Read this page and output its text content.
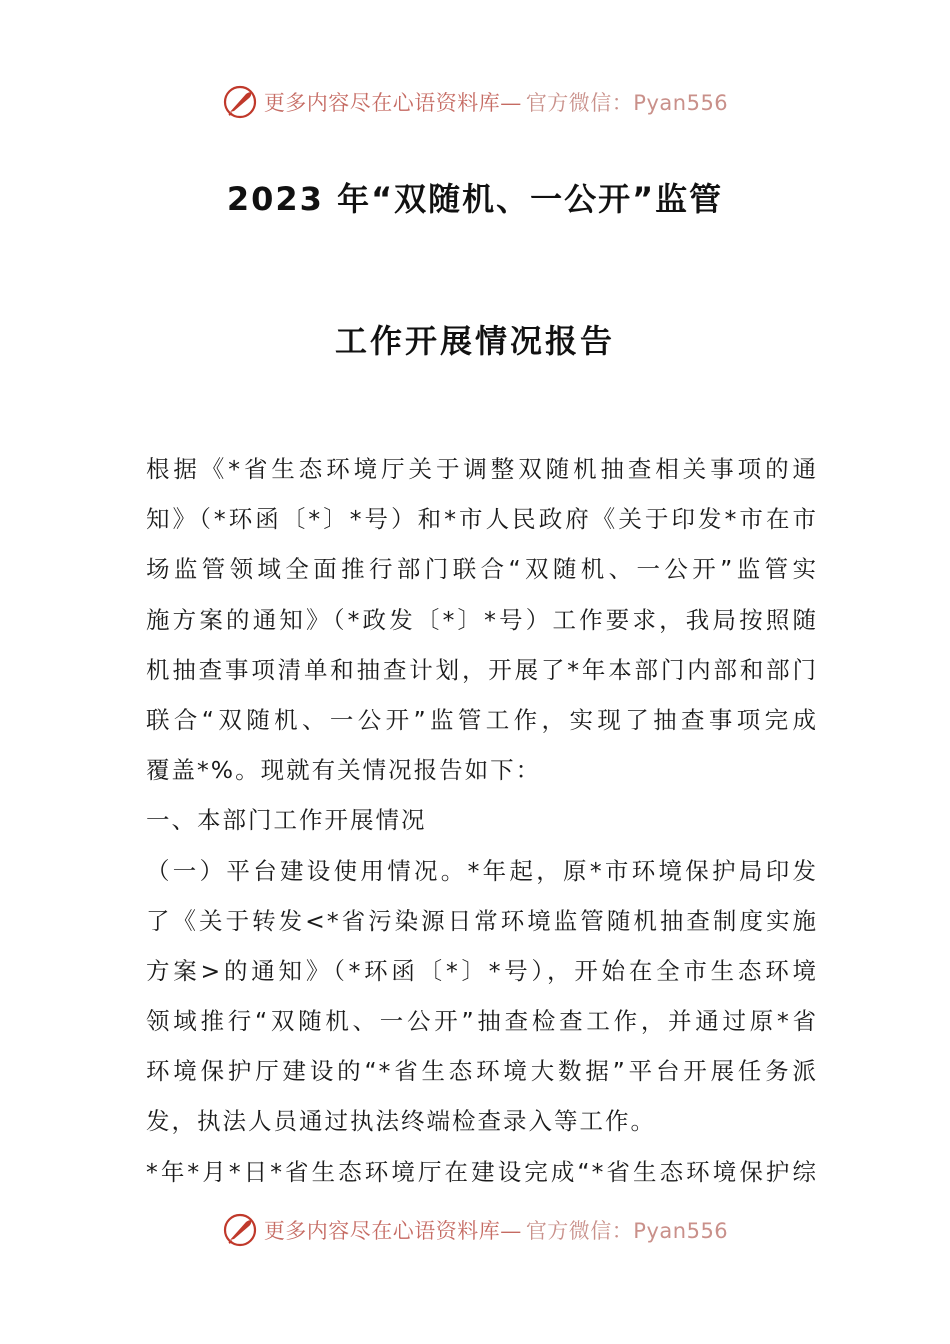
更多内容尽在心语资料库— 官方微信：Pyan556
2023 年“双随机、一公开”监管
工作开展情况报告
根据《*省生态环境厅关于调整双随机抽查相关事项的通
知》（*环函〔*〕*号）和*市人民政府《关于印发*市在市
场监管领域全面推行部门联合“双随机、一公开”监管实
施方案的通知》（*政发〔*〕*号）工作要求，我局按照随
机抽查事项清单和抽查计划，开展了*年本部门内部和部门
联合“双随机、一公开”监管工作，实现了抽查事项完成
覆盖*%。现就有关情况报告如下：
一、本部门工作开展情况
（一）平台建设使用情况。*年起，原*市环境保护局印发
了《关于转发<*省污染源日常环境监管随机抽查制度实施
方案>的通知》（*环函〔*〕*号），开始在全市生态环境
领域推行“双随机、一公开”抽查检查工作，并通过原*省
环境保护厅建设的“*省生态环境大数据”平台开展任务派
发，执法人员通过执法终端检查录入等工作。
*年*月*日*省生态环境厅在建设完成“*省生态环境保护综
更多内容尽在心语资料库— 官方微信：Pyan556
